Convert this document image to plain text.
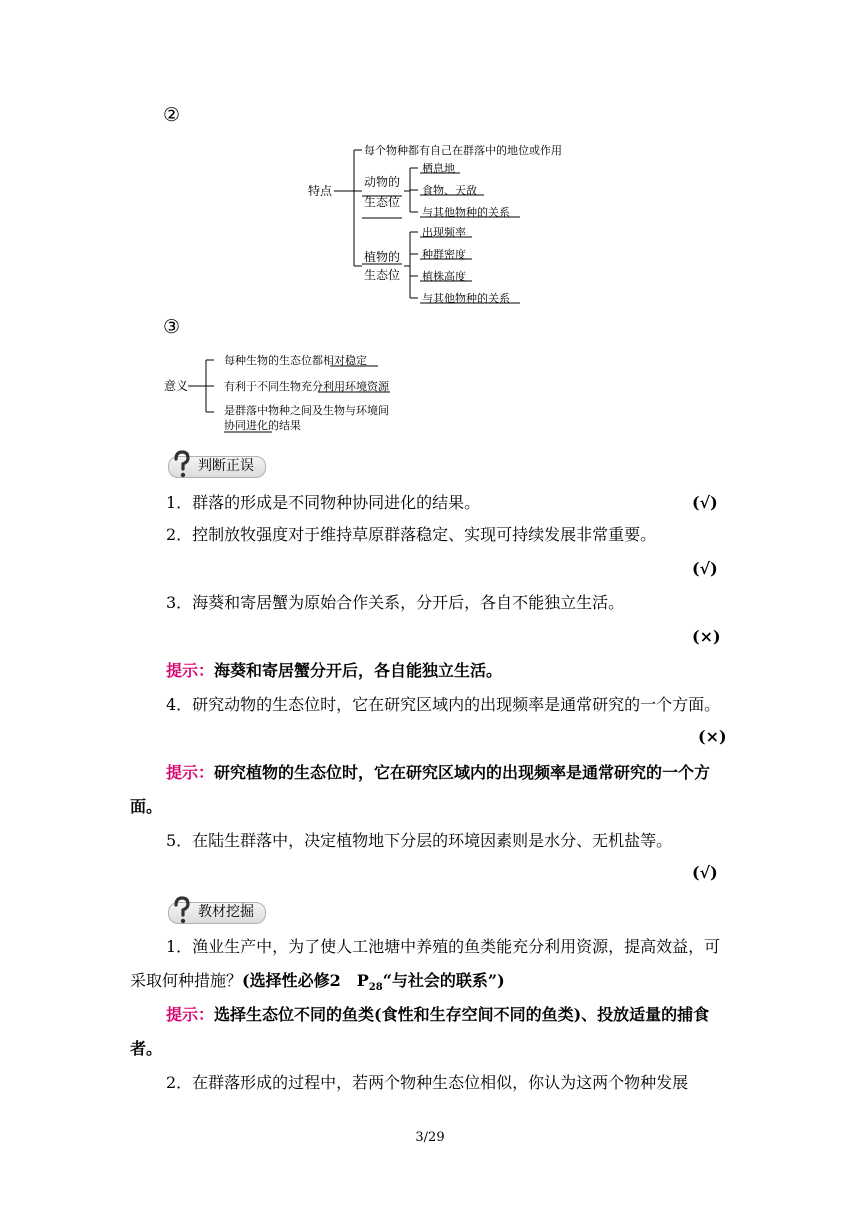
②
特点
每个物种都有自己在群落中的地位或作用
动物的
生态位
栖息地
食物、天敌
与其他物种的关系
植物的
生态位
出现频率
种群密度
植株高度
与其他物种的关系
③
意义
每种生物的生态位都相对稳定
有利于不同生物充分利用环境资源
是群落中物种之间及生物与环境间
协同进化的结果
判断正误
1．群落的形成是不同物种协同进化的结果。	(√)
2．控制放牧强度对于维持草原群落稳定、实现可持续发展非常重要。
(√)
3．海葵和寄居蟹为原始合作关系，分开后，各自不能独立生活。
(×)
提示：海葵和寄居蟹分开后，各自能独立生活。
4．研究动物的生态位时，它在研究区域内的出现频率是通常研究的一个方面。
(×)
提示：研究植物的生态位时，它在研究区域内的出现频率是通常研究的一个方面。
5．在陆生群落中，决定植物地下分层的环境因素则是水分、无机盐等。
(√)
教材挖掘
1．渔业生产中，为了使人工池塘中养殖的鱼类能充分利用资源，提高效益，可采取何种措施？(选择性必修2　$P_{28}“$与社会的联系”)
提示：选择生态位不同的鱼类(食性和生存空间不同的鱼类)、投放适量的捕食者。
2．在群落形成的过程中，若两个物种生态位相似，你认为这两个物种发展
3/29
